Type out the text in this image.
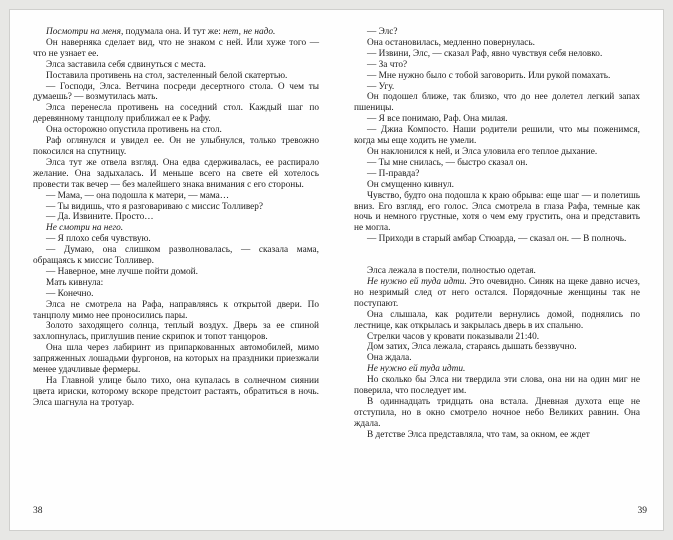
Посмотри на меня, подумала она. И тут же: нет, не надо.

Он наверняка сделает вид, что не знаком с ней. Или хуже того — что не узнает ее.

Элса заставила себя сдвинуться с места.

Поставила противень на стол, застеленный белой скатертью.

— Господи, Элса. Ветчина посреди десертного стола. О чем ты думаешь? — возмутилась мать.

Элса перенесла противень на соседний стол. Каждый шаг по деревянному танцполу приближал ее к Рафу.

Она осторожно опустила противень на стол.

Раф оглянулся и увидел ее. Он не улыбнулся, только тревожно покосился на спутницу.

Элса тут же отвела взгляд. Она едва сдерживалась, ее распирало желание. Она задыхалась. И меньше всего на свете ей хотелось провести так вечер — без малейшего знака внимания с его стороны.

— Мама, — она подошла к матери, — мама…

— Ты видишь, что я разговариваю с миссис Толливер?

— Да. Извините. Просто…

Не смотри на него.

— Я плохо себя чувствую.

— Думаю, она слишком разволновалась, — сказала мама, обращаясь к миссис Толливер.

— Наверное, мне лучше пойти домой.

Мать кивнула:

— Конечно.

Элса не смотрела на Рафа, направляясь к открытой двери. По танцполу мимо нее проносились пары.

Золото заходящего солнца, теплый воздух. Дверь за ее спиной захлопнулась, приглушив пение скрипок и топот танцоров.

Она шла через лабиринт из припаркованных автомобилей, мимо запряженных лошадьми фургонов, на которых на праздники приезжали менее удачливые фермеры.

На Главной улице было тихо, она купалась в солнечном сиянии цвета ириски, которому вскоре предстоит растаять, обратиться в ночь. Элса шагнула на тротуар.

— Элс?

Она остановилась, медленно повернулась.

— Извини, Элс, — сказал Раф, явно чувствуя себя неловко.

— За что?

— Мне нужно было с тобой заговорить. Или рукой помахать.

— Угу.

Он подошел ближе, так близко, что до нее долетел легкий запах пшеницы.

— Я все понимаю, Раф. Она милая.

— Джиа Компосто. Наши родители решили, что мы поженимся, когда мы еще ходить не умели.

Он наклонился к ней, и Элса уловила его теплое дыхание.

— Ты мне снилась, — быстро сказал он.

— П-правда?

Он смущенно кивнул.

Чувство, будто она подошла к краю обрыва: еще шаг — и полетишь вниз. Его взгляд, его голос. Элса смотрела в глаза Рафа, темные как ночь и немного грустные, хотя о чем ему грустить, она и представить не могла.

— Приходи в старый амбар Стюарда, — сказал он. — В полночь.

Элса лежала в постели, полностью одетая.

Не нужно ей туда идти. Это очевидно. Синяк на щеке давно исчез, но незримый след от него остался. Порядочные женщины так не поступают.

Она слышала, как родители вернулись домой, поднялись по лестнице, как открылась и закрылась дверь в их спальню.

Стрелки часов у кровати показывали 21:40.

Дом затих, Элса лежала, стараясь дышать беззвучно.

Она ждала.

Не нужно ей туда идти.

Но сколько бы Элса ни твердила эти слова, она ни на один миг не поверила, что последует им.

В одиннадцать тридцать она встала. Дневная духота еще не отступила, но в окно смотрело ночное небо Великих равнин. Она ждала.

В детстве Элса представляла, что там, за окном, ее ждет

38	39
